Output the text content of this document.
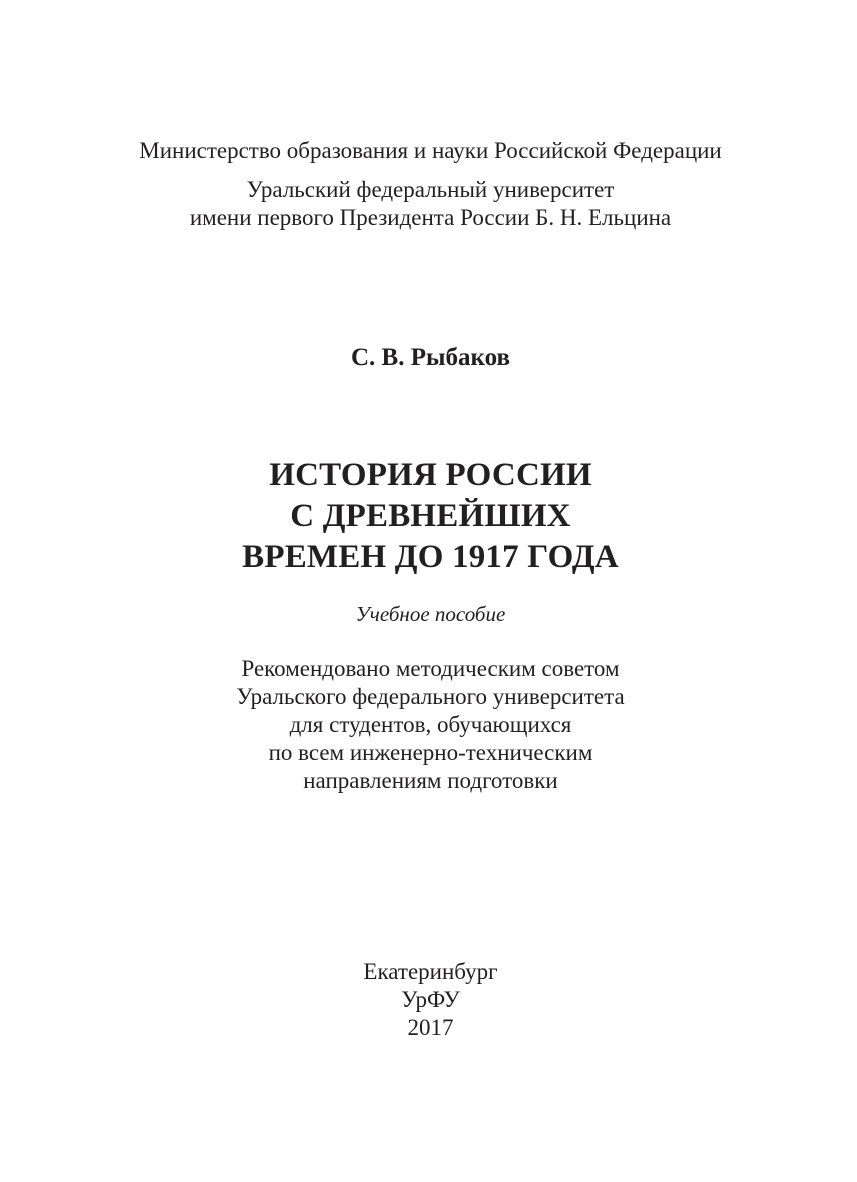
Министерство образования и науки Российской Федерации
Уральский федеральный университет
имени первого Президента России Б. Н. Ельцина
С. В. Рыбаков
ИСТОРИЯ РОССИИ
С ДРЕВНЕЙШИХ
ВРЕМЕН ДО 1917 ГОДА
Учебное пособие
Рекомендовано методическим советом
Уральского федерального университета
для студентов, обучающихся
по всем инженерно-техническим
направлениям подготовки
Екатеринбург
УрФУ
2017
